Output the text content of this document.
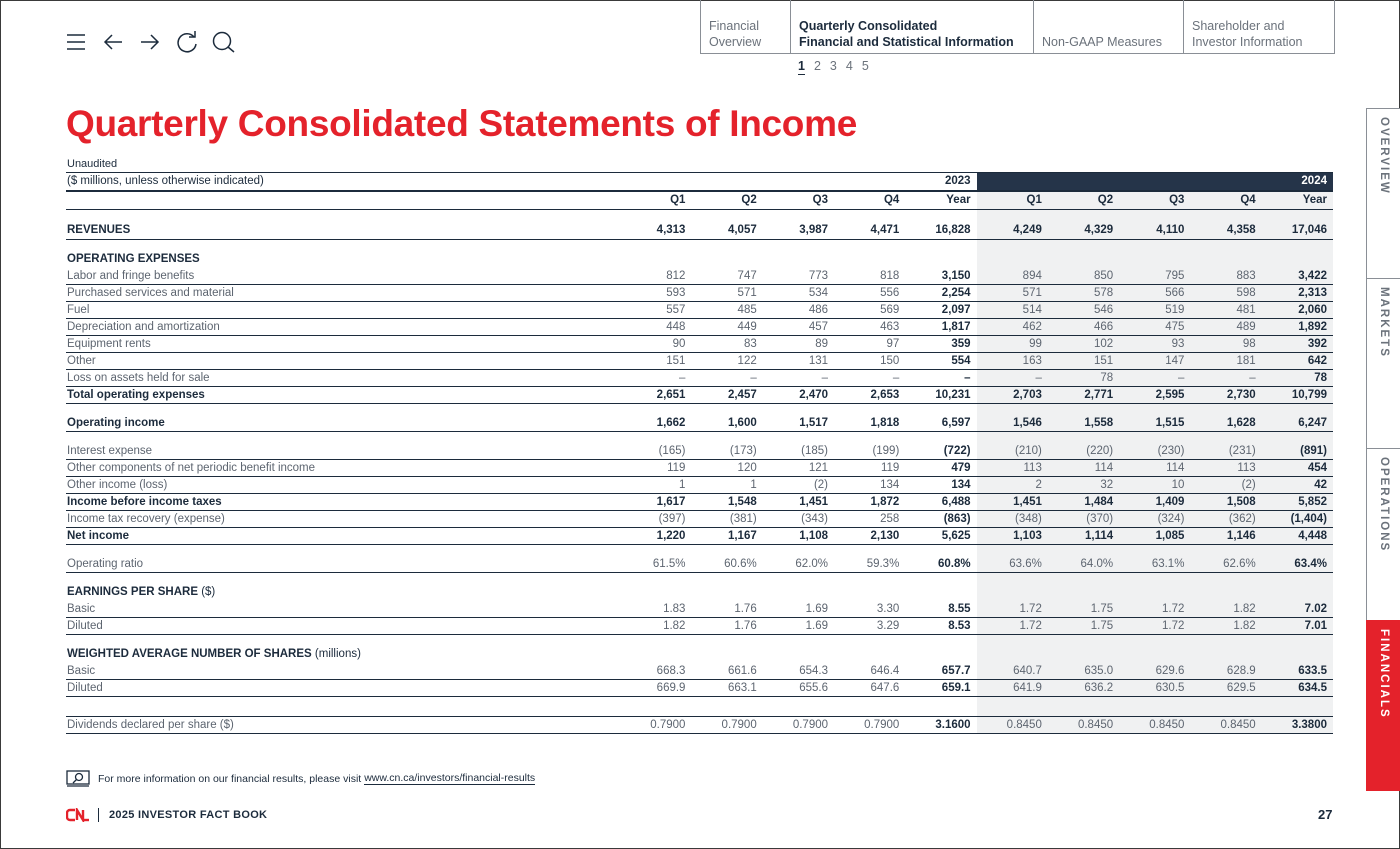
Financial
Overview
Quarterly Consolidated
Financial and Statistical Information	Non-GAAP Measures
Shareholder and
Investor Information
1 2 3 4 5
OVERVIEW
MARKETS
OPERATIONS
FINANCIALS
Quarterly Consolidated Statements of Income
Unaudited
($ millions, unless otherwise indicated)					2023					2024
	Q1	Q2	Q3	Q4	Year	Q1	Q2	Q3	Q4	Year

REVENUES	4,313	4,057	3,987	4,471	16,828	4,249	4,329	4,110	4,358	17,046

OPERATING EXPENSES										
Labor and fringe benefits	812	747	773	818	3,150	894	850	795	883	3,422
Purchased services and material	593	571	534	556	2,254	571	578	566	598	2,313
Fuel	557	485	486	569	2,097	514	546	519	481	2,060
Depreciation and amortization	448	449	457	463	1,817	462	466	475	489	1,892
Equipment rents	90	83	89	97	359	99	102	93	98	392
Other	151	122	131	150	554	163	151	147	181	642
Loss on assets held for sale	–	–	–	–	–	–	78	–	–	78
Total operating expenses	2,651	2,457	2,470	2,653	10,231	2,703	2,771	2,595	2,730	10,799

Operating income	1,662	1,600	1,517	1,818	6,597	1,546	1,558	1,515	1,628	6,247

Interest expense	(165)	(173)	(185)	(199)	(722)	(210)	(220)	(230)	(231)	(891)
Other components of net periodic benefit income	119	120	121	119	479	113	114	114	113	454
Other income (loss)	1	1	(2)	134	134	2	32	10	(2)	42
Income before income taxes	1,617	1,548	1,451	1,872	6,488	1,451	1,484	1,409	1,508	5,852
Income tax recovery (expense)	(397)	(381)	(343)	258	(863)	(348)	(370)	(324)	(362)	(1,404)
Net income	1,220	1,167	1,108	2,130	5,625	1,103	1,114	1,085	1,146	4,448

Operating ratio	61.5%	60.6%	62.0%	59.3%	60.8%	63.6%	64.0%	63.1%	62.6%	63.4%

EARNINGS PER SHARE ($)										
Basic	1.83	1.76	1.69	3.30	8.55	1.72	1.75	1.72	1.82	7.02
Diluted	1.82	1.76	1.69	3.29	8.53	1.72	1.75	1.72	1.82	7.01

WEIGHTED AVERAGE NUMBER OF SHARES (millions)										
Basic	668.3	661.6	654.3	646.4	657.7	640.7	635.0	629.6	628.9	633.5
Diluted	669.9	663.1	655.6	647.6	659.1	641.9	636.2	630.5	629.5	634.5

Dividends declared per share ($)	0.7900	0.7900	0.7900	0.7900	3.1600	0.8450	0.8450	0.8450	0.8450	3.3800
For more information on our financial results, please visit www.cn.ca/investors/financial-results
2025 INVESTOR FACT BOOK	27
